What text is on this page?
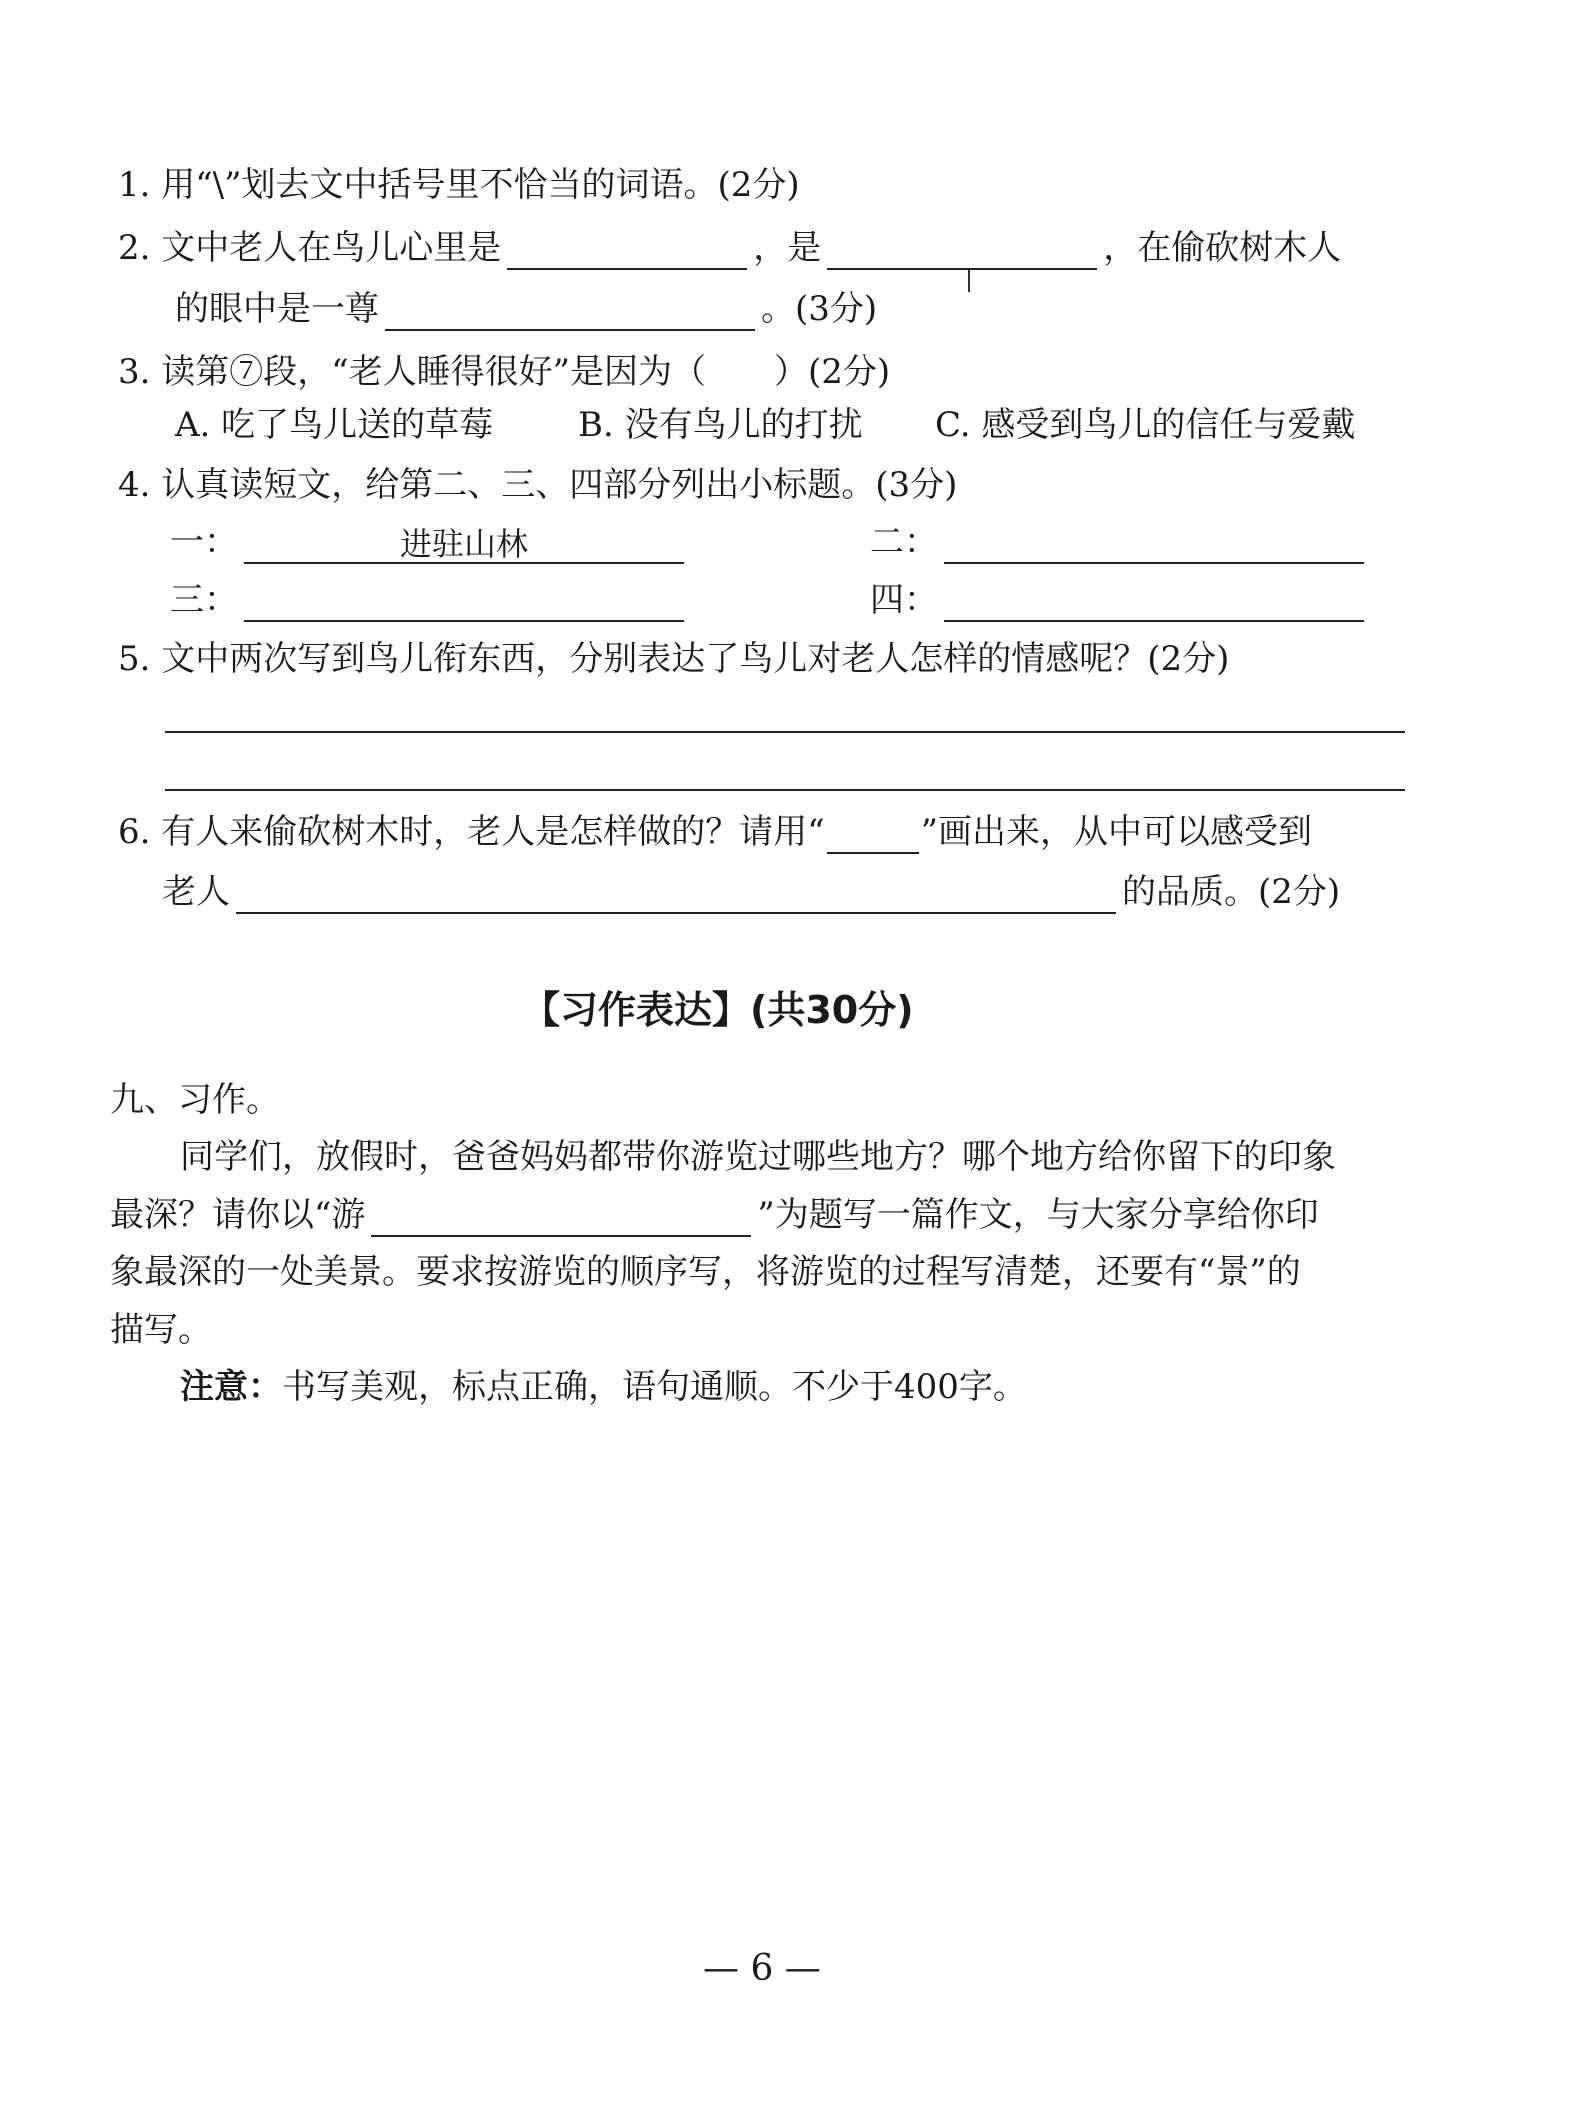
1. 用“\”划去文中括号里不恰当的词语。(2分)
2. 文中老人在鸟儿心里是	，是	，在偷砍树木人
的眼中是一尊	。(3分)
3. 读第⑦段，“老人睡得很好”是因为（　　）(2分)
A. 吃了鸟儿送的草莓 B. 没有鸟儿的打扰 C. 感受到鸟儿的信任与爱戴
4. 认真读短文，给第二、三、四部分列出小标题。(3分)
一：	进驻山林	二：
三：	四：
5. 文中两次写到鸟儿衔东西，分别表达了鸟儿对老人怎样的情感呢？(2分)
6. 有人来偷砍树木时，老人是怎样做的？请用“	”画出来，从中可以感受到
老人	的品质。(2分)
【习作表达】(共30分)
九、习作。
同学们，放假时，爸爸妈妈都带你游览过哪些地方？哪个地方给你留下的印象
最深？请你以“游	”为题写一篇作文，与大家分享给你印
象最深的一处美景。要求按游览的顺序写，将游览的过程写清楚，还要有“景”的
描写。
注意：书写美观，标点正确，语句通顺。不少于400字。
— 6 —
